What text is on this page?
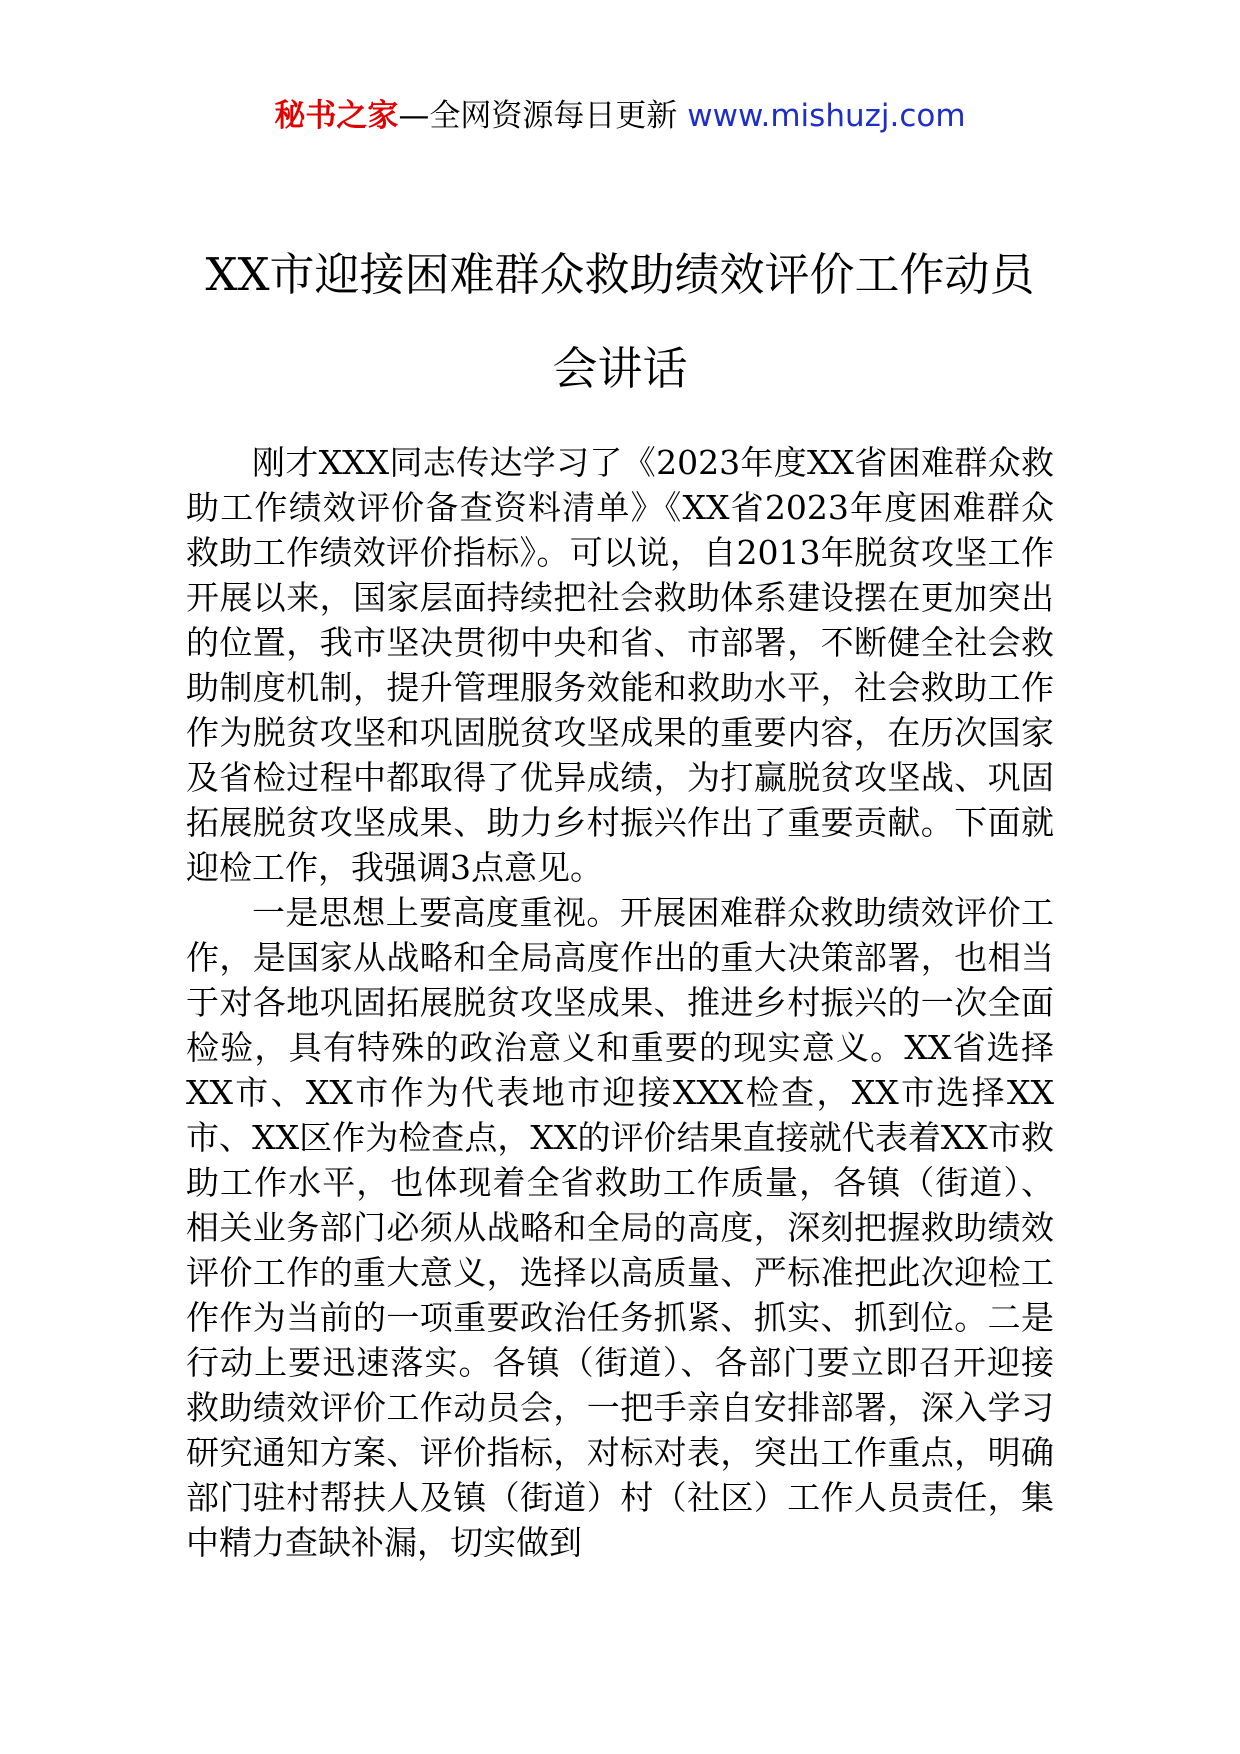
秘书之家—全网资源每日更新 www.mishuzj.com
XX市迎接困难群众救助绩效评价工作动员
会讲话

刚才XXX同志传达学习了《2023年度XX省困难群众救助工作绩效评价备查资料清单》《XX省2023年度困难群众救助工作绩效评价指标》。可以说，自2013年脱贫攻坚工作开展以来，国家层面持续把社会救助体系建设摆在更加突出的位置，我市坚决贯彻中央和省、市部署，不断健全社会救助制度机制，提升管理服务效能和救助水平，社会救助工作作为脱贫攻坚和巩固脱贫攻坚成果的重要内容，在历次国家及省检过程中都取得了优异成绩，为打赢脱贫攻坚战、巩固拓展脱贫攻坚成果、助力乡村振兴作出了重要贡献。下面就迎检工作，我强调3点意见。

一是思想上要高度重视。开展困难群众救助绩效评价工作，是国家从战略和全局高度作出的重大决策部署，也相当于对各地巩固拓展脱贫攻坚成果、推进乡村振兴的一次全面检验，具有特殊的政治意义和重要的现实意义。XX省选择XX市、XX市作为代表地市迎接XXX检查，XX市选择XX市、XX区作为检查点，XX的评价结果直接就代表着XX市救助工作水平，也体现着全省救助工作质量，各镇（街道）、相关业务部门必须从战略和全局的高度，深刻把握救助绩效评价工作的重大意义，选择以高质量、严标准把此次迎检工作作为当前的一项重要政治任务抓紧、抓实、抓到位。二是行动上要迅速落实。各镇（街道）、各部门要立即召开迎接救助绩效评价工作动员会，一把手亲自安排部署，深入学习研究通知方案、评价指标，对标对表，突出工作重点，明确部门驻村帮扶人及镇（街道）村（社区）工作人员责任，集中精力查缺补漏，切实做到
